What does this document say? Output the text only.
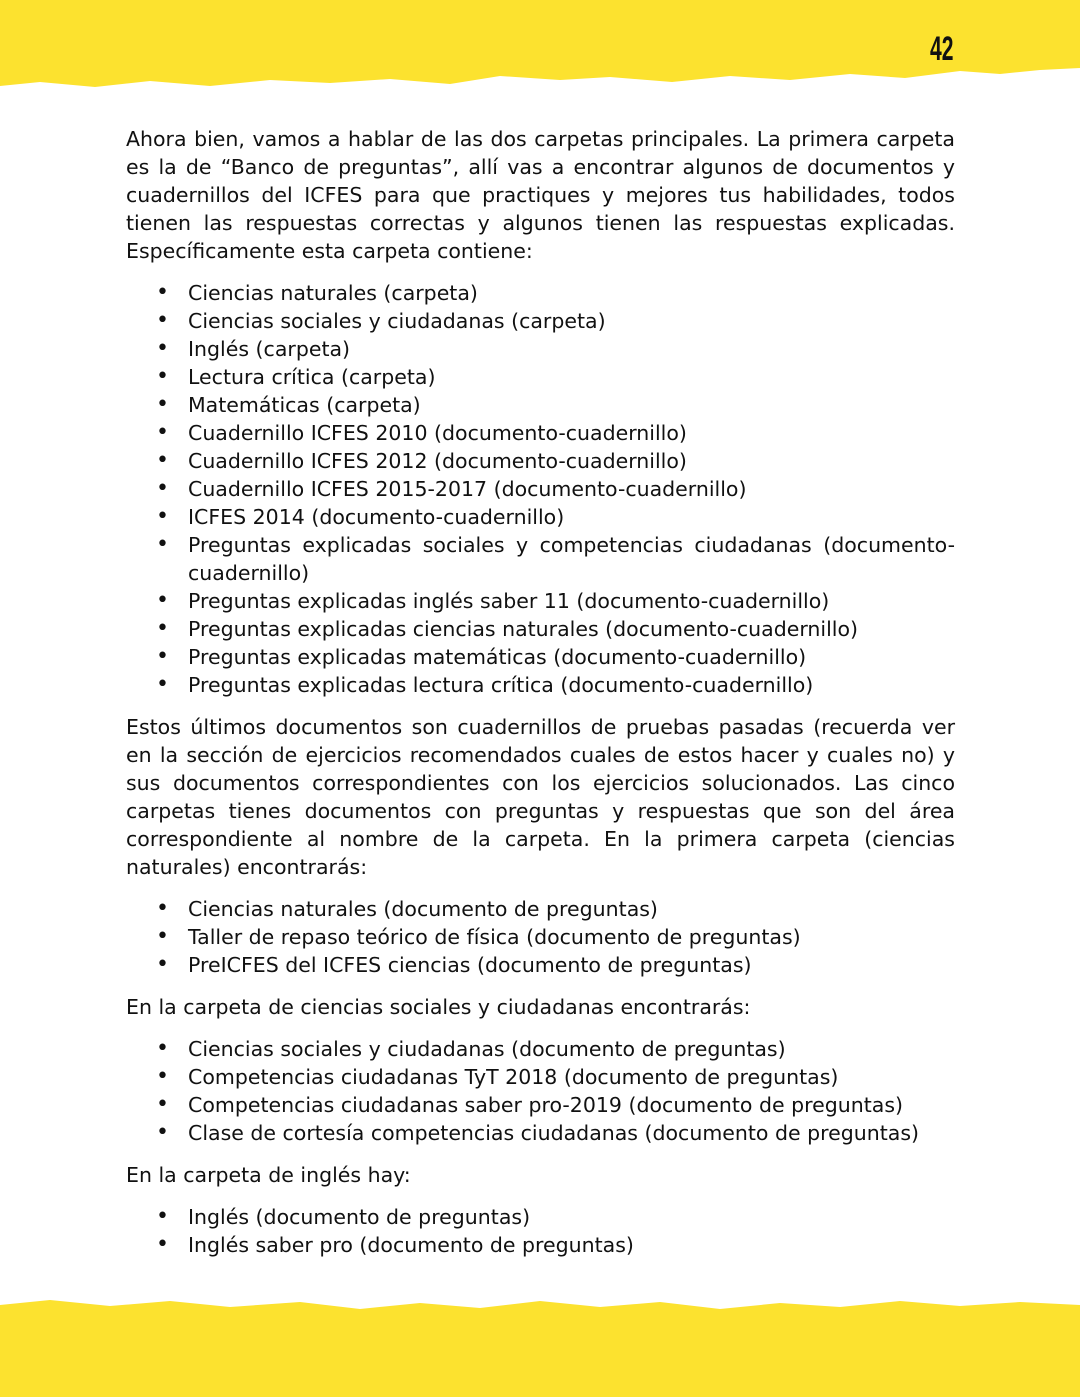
42

Ahora bien, vamos a hablar de las dos carpetas principales. La primera carpeta es la de “Banco de preguntas”, allí vas a encontrar algunos de documentos y cuadernillos del ICFES para que practiques y mejores tus habilidades, todos tienen las respuestas correctas y algunos tienen las respuestas explicadas. Específicamente esta carpeta contiene:

• Ciencias naturales (carpeta)
• Ciencias sociales y ciudadanas (carpeta)
• Inglés (carpeta)
• Lectura crítica (carpeta)
• Matemáticas (carpeta)
• Cuadernillo ICFES 2010 (documento-cuadernillo)
• Cuadernillo ICFES 2012 (documento-cuadernillo)
• Cuadernillo ICFES 2015-2017 (documento-cuadernillo)
• ICFES 2014 (documento-cuadernillo)
• Preguntas explicadas sociales y competencias ciudadanas (documento-cuadernillo)
• Preguntas explicadas inglés saber 11 (documento-cuadernillo)
• Preguntas explicadas ciencias naturales (documento-cuadernillo)
• Preguntas explicadas matemáticas (documento-cuadernillo)
• Preguntas explicadas lectura crítica (documento-cuadernillo)

Estos últimos documentos son cuadernillos de pruebas pasadas (recuerda ver en la sección de ejercicios recomendados cuales de estos hacer y cuales no) y sus documentos correspondientes con los ejercicios solucionados. Las cinco carpetas tienes documentos con preguntas y respuestas que son del área correspondiente al nombre de la carpeta. En la primera carpeta (ciencias naturales) encontrarás:

• Ciencias naturales (documento de preguntas)
• Taller de repaso teórico de física (documento de preguntas)
• PreICFES del ICFES ciencias (documento de preguntas)

En la carpeta de ciencias sociales y ciudadanas encontrarás:

• Ciencias sociales y ciudadanas (documento de preguntas)
• Competencias ciudadanas TyT 2018 (documento de preguntas)
• Competencias ciudadanas saber pro-2019 (documento de preguntas)
• Clase de cortesía competencias ciudadanas (documento de preguntas)

En la carpeta de inglés hay:

• Inglés (documento de preguntas)
• Inglés saber pro (documento de preguntas)
